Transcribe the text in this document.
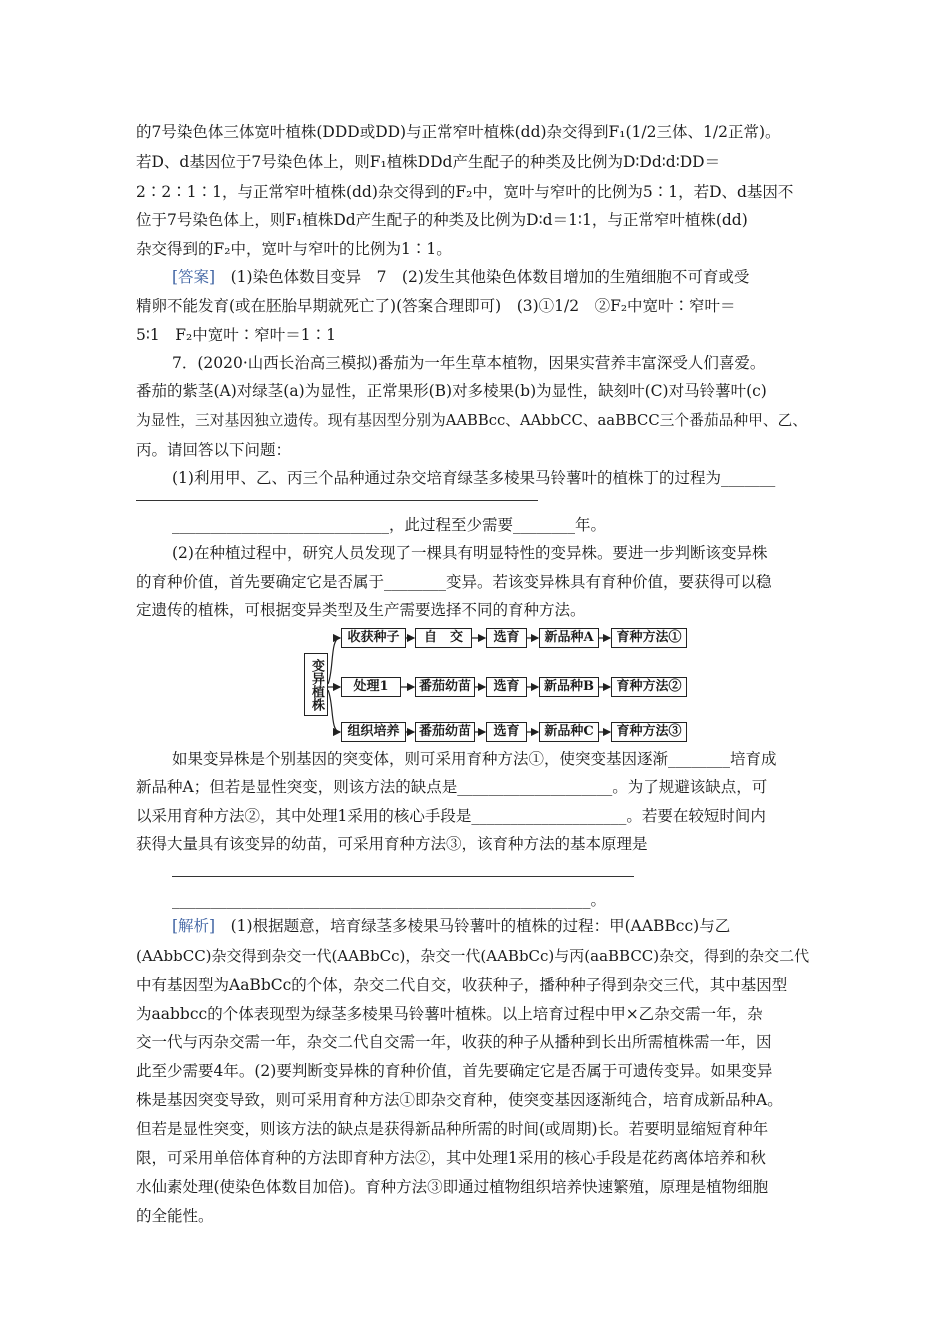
的7号染色体三体宽叶植株(DDD或DD)与正常窄叶植株(dd)杂交得到F₁(1/2三体、1/2正常)。
若D、d基因位于7号染色体上，则F₁植株DDd产生配子的种类及比例为D∶Dd∶d∶DD＝
2∶2∶1∶1，与正常窄叶植株(dd)杂交得到的F₂中，宽叶与窄叶的比例为5∶1，若D、d基因不
位于7号染色体上，则F₁植株Dd产生配子的种类及比例为D∶d＝1∶1，与正常窄叶植株(dd)
杂交得到的F₂中，宽叶与窄叶的比例为1∶1。
[答案]　(1)染色体数目变异　7　(2)发生其他染色体数目增加的生殖细胞不可育或受
精卵不能发育(或在胚胎早期就死亡了)(答案合理即可)　(3)①1/2　②F₂中宽叶∶窄叶＝
5∶1　F₂中宽叶∶窄叶＝1∶1
7．(2020·山西长治高三模拟)番茄为一年生草本植物，因果实营养丰富深受人们喜爱。
番茄的紫茎(A)对绿茎(a)为显性，正常果形(B)对多棱果(b)为显性，缺刻叶(C)对马铃薯叶(c)
为显性，三对基因独立遗传。现有基因型分别为AABBcc、AAbbCC、aaBBCC三个番茄品种甲、乙、
丙。请回答以下问题：
(1)利用甲、乙、丙三个品种通过杂交培育绿茎多棱果马铃薯叶的植株丁的过程为_______
____________________________，此过程至少需要________年。
(2)在种植过程中，研究人员发现了一棵具有明显特性的变异株。要进一步判断该变异株
的育种价值，首先要确定它是否属于________变异。若该变异株具有育种价值，要获得可以稳
定遗传的植株，可根据变异类型及生产需要选择不同的育种方法。
变异植株
收获种子	自　交	选育	新品种A	育种方法①
处理1	番茄幼苗	选育	新品种B	育种方法②
组织培养	番茄幼苗	选育	新品种C	育种方法③
如果变异株是个别基因的突变体，则可采用育种方法①，使突变基因逐渐________培育成
新品种A；但若是显性突变，则该方法的缺点是____________________。为了规避该缺点，可
以采用育种方法②，其中处理1采用的核心手段是____________________。若要在较短时间内
获得大量具有该变异的幼苗，可采用育种方法③，该育种方法的基本原理是
______________________________________________________。
[解析]　(1)根据题意，培育绿茎多棱果马铃薯叶的植株的过程：甲(AABBcc)与乙
(AAbbCC)杂交得到杂交一代(AABbCc)，杂交一代(AABbCc)与丙(aaBBCC)杂交，得到的杂交二代
中有基因型为AaBbCc的个体，杂交二代自交，收获种子，播种种子得到杂交三代，其中基因型
为aabbcc的个体表现型为绿茎多棱果马铃薯叶植株。以上培育过程中甲×乙杂交需一年，杂
交一代与丙杂交需一年，杂交二代自交需一年，收获的种子从播种到长出所需植株需一年，因
此至少需要4年。(2)要判断变异株的育种价值，首先要确定它是否属于可遗传变异。如果变异
株是基因突变导致，则可采用育种方法①即杂交育种，使突变基因逐渐纯合，培育成新品种A。
但若是显性突变，则该方法的缺点是获得新品种所需的时间(或周期)长。若要明显缩短育种年
限，可采用单倍体育种的方法即育种方法②，其中处理1采用的核心手段是花药离体培养和秋
水仙素处理(使染色体数目加倍)。育种方法③即通过植物组织培养快速繁殖，原理是植物细胞
的全能性。
